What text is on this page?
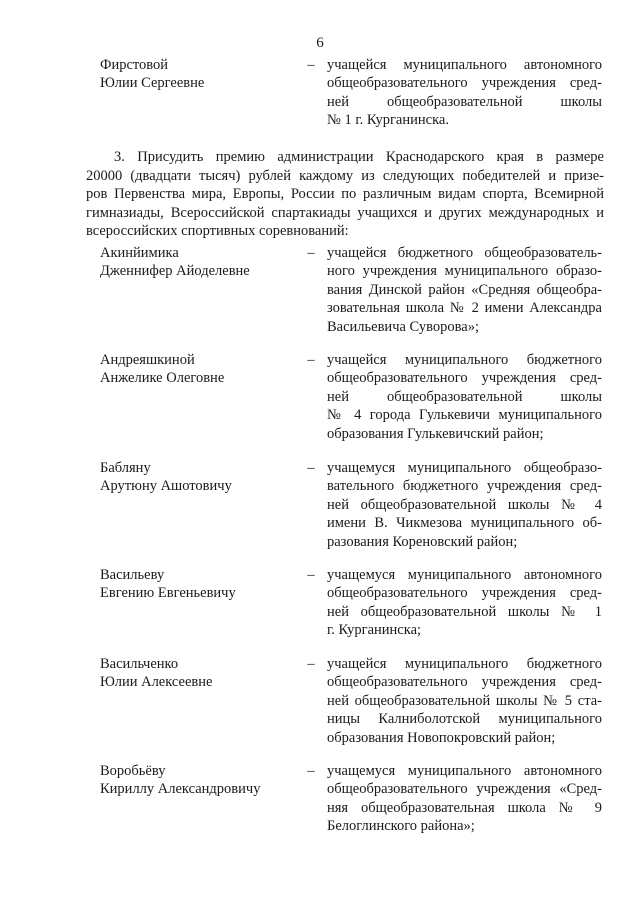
6
Фирстовой
Юлии Сергеевне
– учащейся муниципального автономного
общеобразовательного учреждения сред-
ней общеобразовательной школы
№ 1 г. Курганинска.
3. Присудить премию администрации Краснодарского края в размере
20000 (двадцати тысяч) рублей каждому из следующих победителей и призе-
ров Первенства мира, Европы, России по различным видам спорта, Всемирной
гимназиады, Всероссийской спартакиады учащихся и других международных и
всероссийских спортивных соревнований:
Акинйимика
Дженнифер Айоделевне
– учащейся бюджетного общеобразователь-
ного учреждения муниципального образо-
вания Динской район «Средняя общеобра-
зовательная школа № 2 имени Александра
Васильевича Суворова»;
Андреяшкиной
Анжелике Олеговне
– учащейся муниципального бюджетного
общеобразовательного учреждения сред-
ней общеобразовательной школы
№ 4 города Гулькевичи муниципального
образования Гулькевичский район;
Бабляну
Арутюну Ашотовичу
– учащемуся муниципального общеобразо-
вательного бюджетного учреждения сред-
ней общеобразовательной школы № 4
имени В. Чикмезова муниципального об-
разования Кореновский район;
Васильеву
Евгению Евгеньевичу
– учащемуся муниципального автономного
общеобразовательного учреждения сред-
ней общеобразовательной школы № 1
г. Курганинска;
Васильченко
Юлии Алексеевне
– учащейся муниципального бюджетного
общеобразовательного учреждения сред-
ней общеобразовательной школы № 5 ста-
ницы Калниболотской муниципального
образования Новопокровский район;
Воробьёву
Кириллу Александровичу
– учащемуся муниципального автономного
общеобразовательного учреждения «Сред-
няя общеобразовательная школа № 9
Белоглинского района»;
